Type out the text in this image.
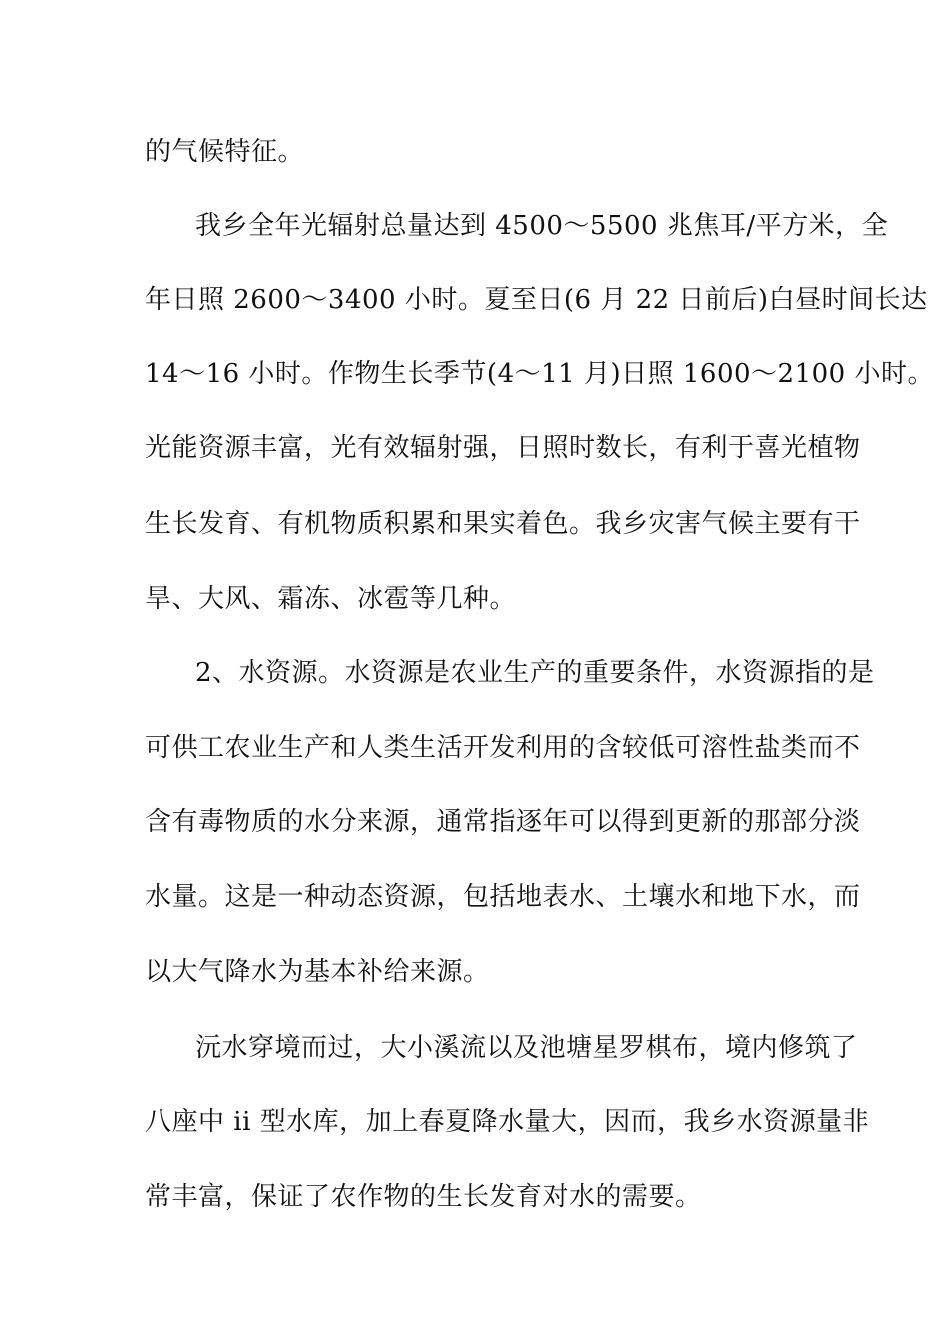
的气候特征。
我乡全年光辐射总量达到 4500～5500 兆焦耳/平方米，全
年日照 2600～3400 小时。夏至日(6 月 22 日前后)白昼时间长达
14～16 小时。作物生长季节(4～11 月)日照 1600～2100 小时。
光能资源丰富，光有效辐射强，日照时数长，有利于喜光植物
生长发育、有机物质积累和果实着色。我乡灾害气候主要有干
旱、大风、霜冻、冰雹等几种。
2、水资源。水资源是农业生产的重要条件，水资源指的是
可供工农业生产和人类生活开发利用的含较低可溶性盐类而不
含有毒物质的水分来源，通常指逐年可以得到更新的那部分淡
水量。这是一种动态资源，包括地表水、土壤水和地下水，而
以大气降水为基本补给来源。
沅水穿境而过，大小溪流以及池塘星罗棋布，境内修筑了
八座中 ii 型水库，加上春夏降水量大，因而，我乡水资源量非
常丰富，保证了农作物的生长发育对水的需要。
